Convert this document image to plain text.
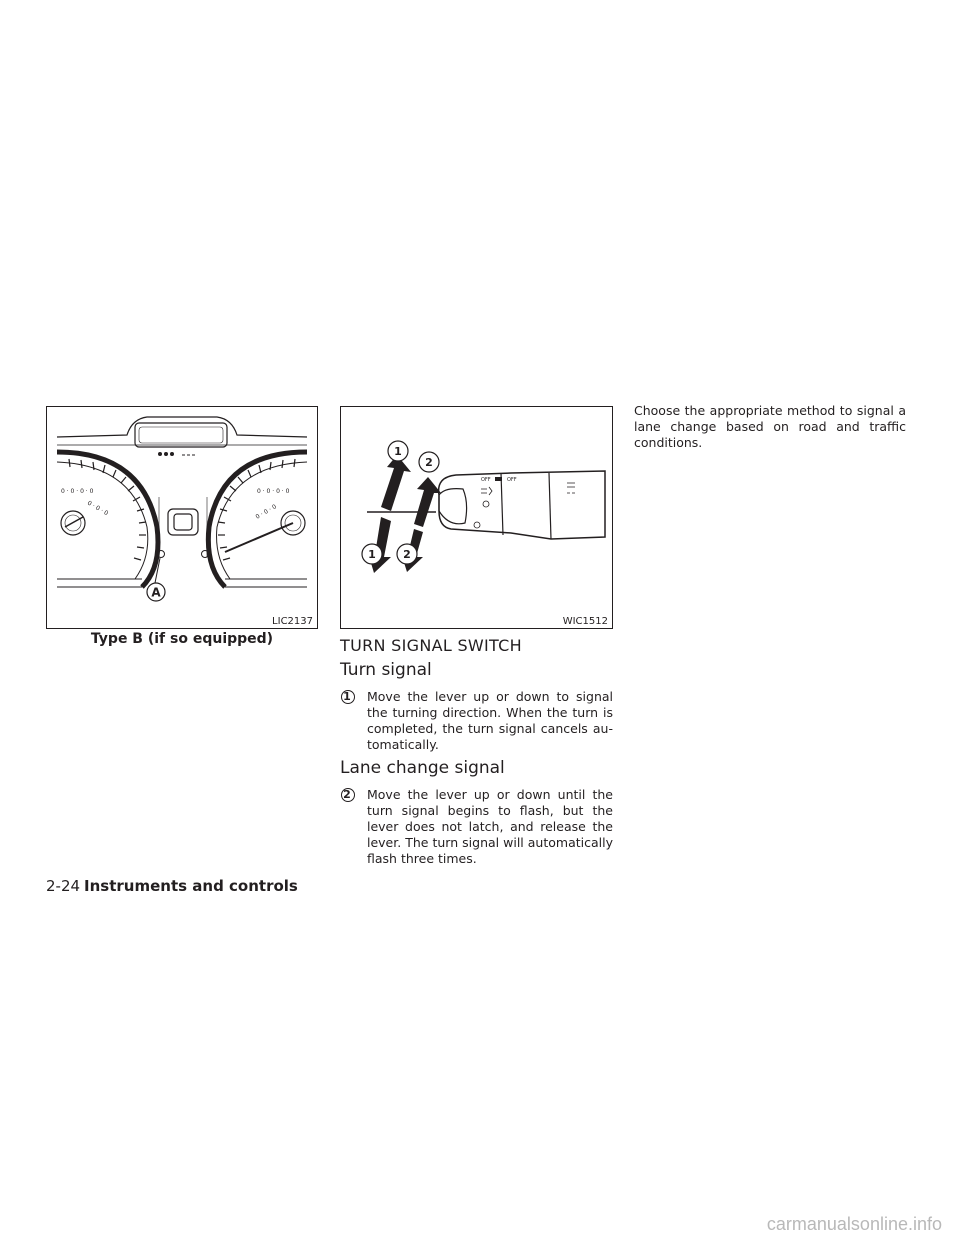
0 · 0 · 0 · 0
0 · 0 · 0
0 · 0 · 0 · 0
0 · 0 · 0
A
LIC2137
Type B (if so equipped)
OFF	OFF
1
2
1 2
WIC1512
TURN SIGNAL SWITCH
Turn signal
1 Move the lever up or down to signal the turning direction. When the turn is completed, the turn signal cancels au-tomatically.
Lane change signal
2 Move the lever up or down until the turn signal begins to flash, but the lever does not latch, and release the lever. The turn signal will automatically flash three times.
Choose the appropriate method to signal a lane change based on road and traffic conditions.
2-24 Instruments and controls
carmanualsonline.info
